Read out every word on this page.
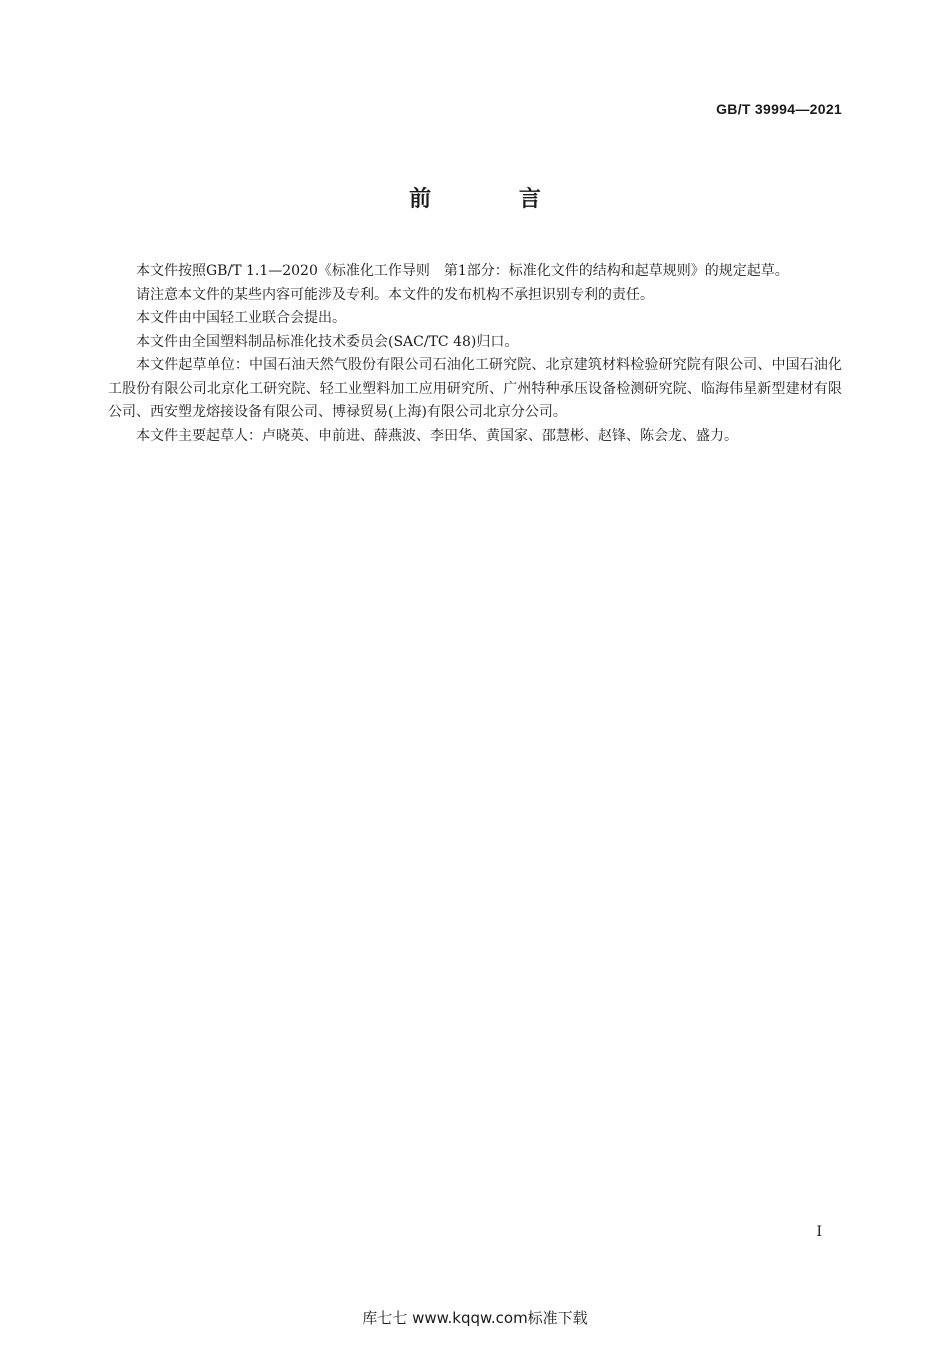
GB/T 39994—2021
前 言

本文件按照GB/T 1.1—2020《标准化工作导则　第1部分：标准化文件的结构和起草规则》的规定起草。

请注意本文件的某些内容可能涉及专利。本文件的发布机构不承担识别专利的责任。

本文件由中国轻工业联合会提出。

本文件由全国塑料制品标准化技术委员会(SAC/TC 48)归口。

本文件起草单位：中国石油天然气股份有限公司石油化工研究院、北京建筑材料检验研究院有限公司、中国石油化工股份有限公司北京化工研究院、轻工业塑料加工应用研究所、广州特种承压设备检测研究院、临海伟星新型建材有限公司、西安塑龙熔接设备有限公司、博禄贸易(上海)有限公司北京分公司。

本文件主要起草人：卢晓英、申前进、薛燕波、李田华、黄国家、邵慧彬、赵锋、陈会龙、盛力。

I
库七七 www.kqqw.com标准下载
